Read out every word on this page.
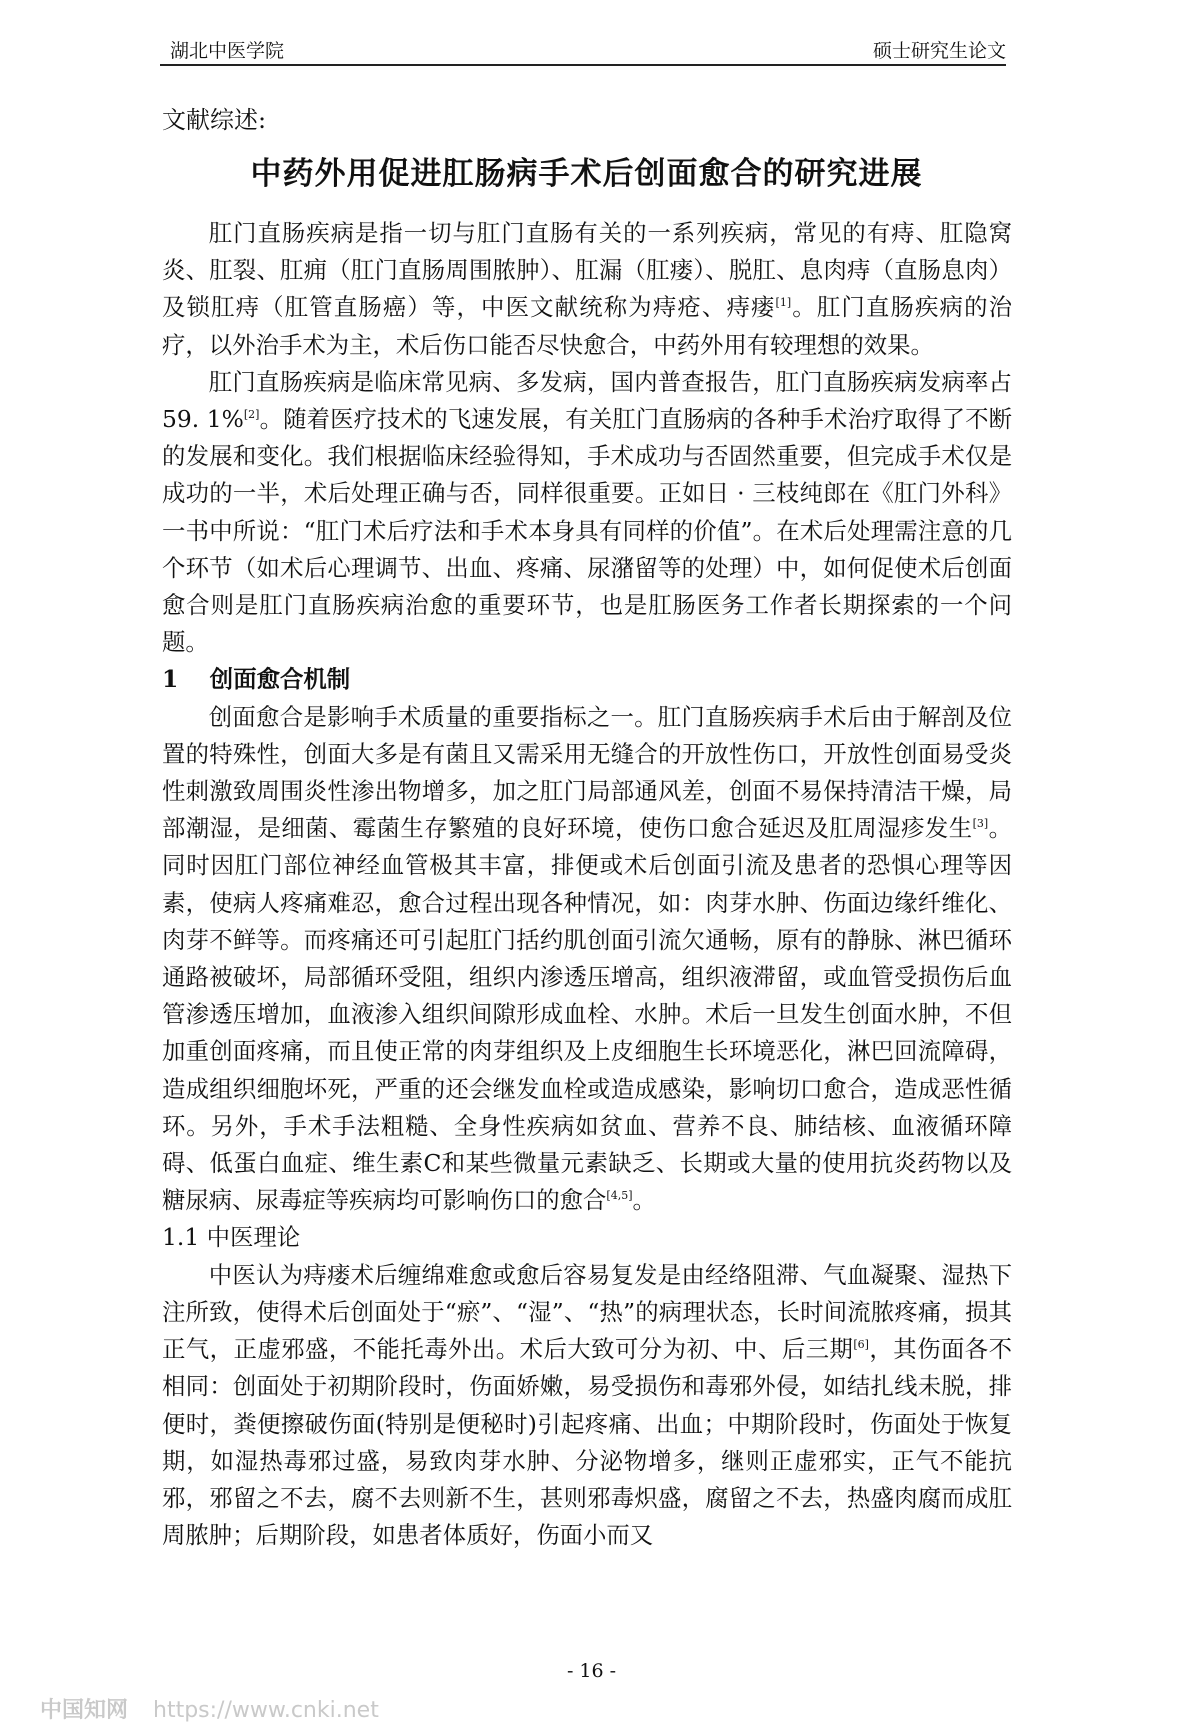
湖北中医学院	硕士研究生论文
文献综述:
中药外用促进肛肠病手术后创面愈合的研究进展

肛门直肠疾病是指一切与肛门直肠有关的一系列疾病，常见的有痔、肛隐窝炎、肛裂、肛痈（肛门直肠周围脓肿）、肛漏（肛瘘）、脱肛、息肉痔（直肠息肉）及锁肛痔（肛管直肠癌）等，中医文献统称为痔疮、痔瘘[1]。肛门直肠疾病的治疗，以外治手术为主，术后伤口能否尽快愈合，中药外用有较理想的效果。

肛门直肠疾病是临床常见病、多发病，国内普查报告，肛门直肠疾病发病率占59. 1%[2]。随着医疗技术的飞速发展，有关肛门直肠病的各种手术治疗取得了不断的发展和变化。我们根据临床经验得知，手术成功与否固然重要，但完成手术仅是成功的一半，术后处理正确与否，同样很重要。正如日 · 三枝纯郎在《肛门外科》一书中所说：“肛门术后疗法和手术本身具有同样的价值”。在术后处理需注意的几个环节（如术后心理调节、出血、疼痛、尿潴留等的处理）中，如何促使术后创面愈合则是肛门直肠疾病治愈的重要环节，也是肛肠医务工作者长期探索的一个问题。

1　 创面愈合机制

创面愈合是影响手术质量的重要指标之一。肛门直肠疾病手术后由于解剖及位置的特殊性，创面大多是有菌且又需采用无缝合的开放性伤口，开放性创面易受炎性刺激致周围炎性渗出物增多，加之肛门局部通风差，创面不易保持清洁干燥，局部潮湿，是细菌、霉菌生存繁殖的良好环境，使伤口愈合延迟及肛周湿疹发生[3]。同时因肛门部位神经血管极其丰富，排便或术后创面引流及患者的恐惧心理等因素，使病人疼痛难忍，愈合过程出现各种情况，如：肉芽水肿、伤面边缘纤维化、肉芽不鲜等。而疼痛还可引起肛门括约肌创面引流欠通畅，原有的静脉、淋巴循环通路被破坏，局部循环受阻，组织内渗透压增高，组织液滞留，或血管受损伤后血管渗透压增加，血液渗入组织间隙形成血栓、水肿。术后一旦发生创面水肿，不但加重创面疼痛，而且使正常的肉芽组织及上皮细胞生长环境恶化，淋巴回流障碍，造成组织细胞坏死，严重的还会继发血栓或造成感染，影响切口愈合，造成恶性循环。另外，手术手法粗糙、全身性疾病如贫血、营养不良、肺结核、血液循环障碍、低蛋白血症、维生素C和某些微量元素缺乏、长期或大量的使用抗炎药物以及糖尿病、尿毒症等疾病均可影响伤口的愈合[4,5]。

1.1 中医理论

中医认为痔瘘术后缠绵难愈或愈后容易复发是由经络阻滞、气血凝聚、湿热下注所致，使得术后创面处于“瘀”、“湿”、“热”的病理状态，长时间流脓疼痛，损其正气，正虚邪盛，不能托毒外出。术后大致可分为初、中、后三期[6]，其伤面各不相同：创面处于初期阶段时，伤面娇嫩，易受损伤和毒邪外侵，如结扎线未脱，排便时，粪便擦破伤面(特别是便秘时)引起疼痛、出血；中期阶段时，伤面处于恢复期，如湿热毒邪过盛，易致肉芽水肿、分泌物增多，继则正虚邪实，正气不能抗邪，邪留之不去，腐不去则新不生，甚则邪毒炽盛，腐留之不去，热盛肉腐而成肛周脓肿；后期阶段，如患者体质好，伤面小而又

- 16 -
中国知网 https://www.cnki.net
